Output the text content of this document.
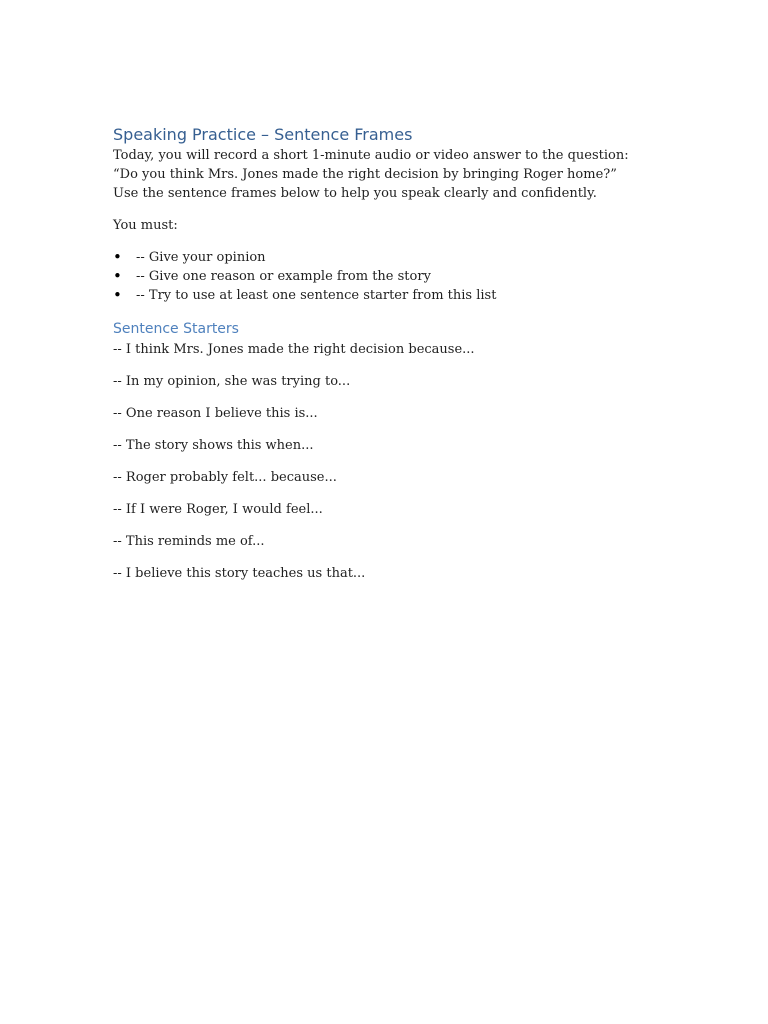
Speaking Practice – Sentence Frames

Today, you will record a short 1-minute audio or video answer to the question:

“Do you think Mrs. Jones made the right decision by bringing Roger home?”

Use the sentence frames below to help you speak clearly and confidently.

You must:

• -- Give your opinion
• -- Give one reason or example from the story
• -- Try to use at least one sentence starter from this list
Sentence Starters
-- I think Mrs. Jones made the right decision because...
-- In my opinion, she was trying to...
-- One reason I believe this is...
-- The story shows this when...
-- Roger probably felt... because...
-- If I were Roger, I would feel...
-- This reminds me of...
-- I believe this story teaches us that...
